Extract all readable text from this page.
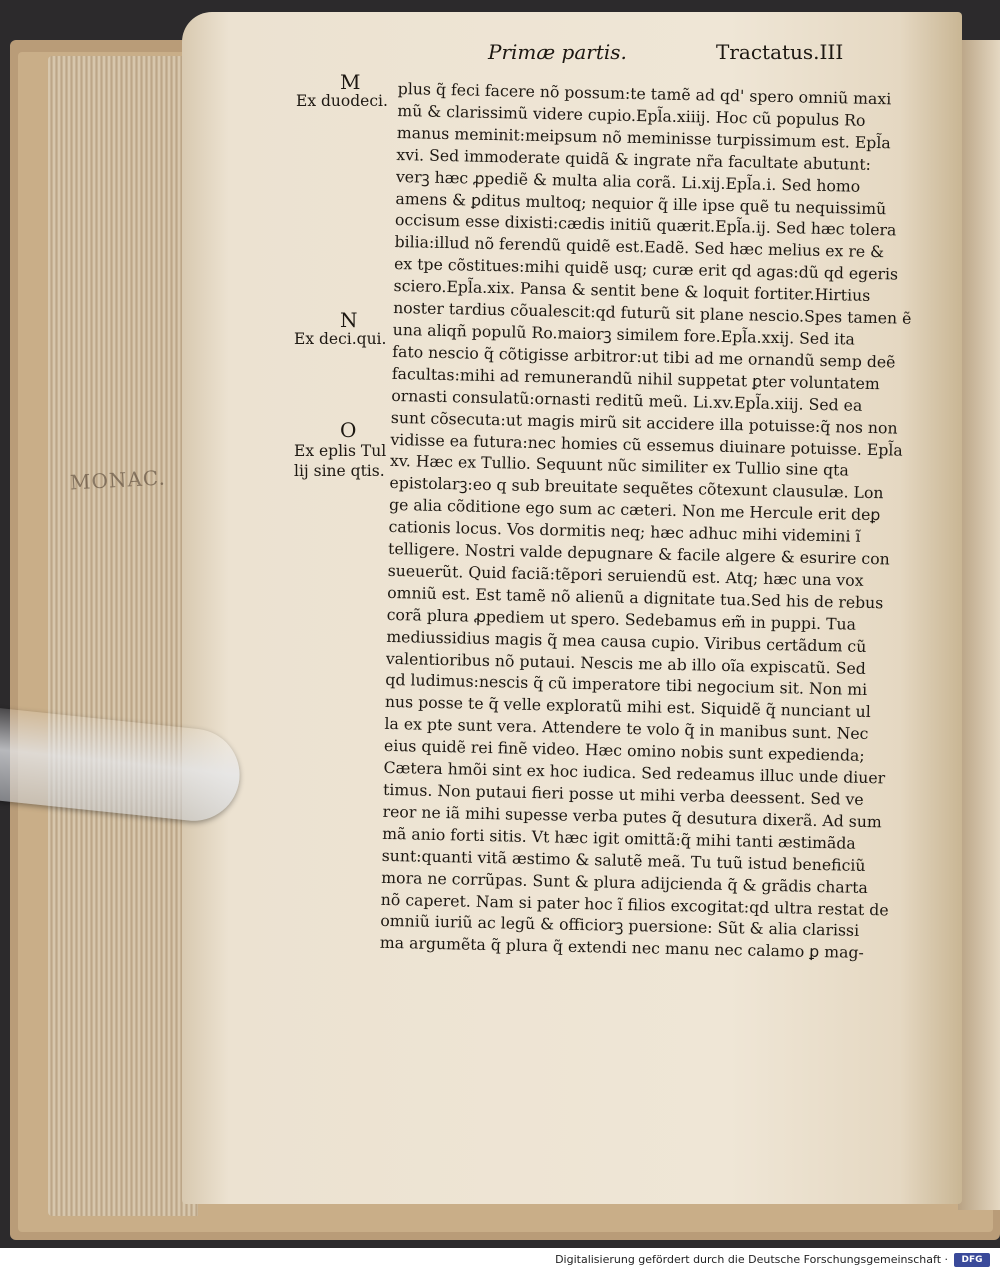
MONAC.
Primæ partis.	Tractatus.III
M
Ex duodeci.
N
Ex deci.qui.
O
Ex eplis Tul
lij sine qtis.
plus q̃ feci facere nõ possum:te tamẽ ad qd' spero omniũ maxi
mũ & clarissimũ videre cupio.Epl̃a.xiiij. Hoc cũ populus Ro
manus meminit:meipsum nõ meminisse turpissimum est. Epl̃a
xvi. Sed immoderate quidã & ingrate nr̃a facultate abutunt:
verꝫ hæc ꝓpediẽ & multa alia corã. Li.xij.Epl̃a.i. Sed homo
amens & ꝑditus multoq; nequior q̃ ille ipse quẽ tu nequissimũ
occisum esse dixisti:cædis initiũ quærit.Epl̃a.ij. Sed hæc tolera
bilia:illud nõ ferendũ quidẽ est.Eadẽ. Sed hæc melius ex re &
ex tpe cõstitues:mihi quidẽ usq; curæ erit qd agas:dũ qd egeris
sciero.Epl̃a.xix. Pansa & sentit bene & loquit fortiter.Hirtius
noster tardius cõualescit:qd futurũ sit plane nescio.Spes tamen ẽ
una aliqñ populũ Ro.maiorꝫ similem fore.Epl̃a.xxij. Sed ita
fato nescio q̃ cõtigisse arbitror:ut tibi ad me ornandũ semp deẽ
facultas:mihi ad remunerandũ nihil suppetat ꝑter voluntatem
ornasti consulatũ:ornasti reditũ meũ. Li.xv.Epl̃a.xiij. Sed ea
sunt cõsecuta:ut magis mirũ sit accidere illa potuisse:q̃ nos non
vidisse ea futura:nec homies cũ essemus diuinare potuisse. Epl̃a
xv. Hæc ex Tullio. Sequunt nũc similiter ex Tullio sine qta
epistolarꝫ:eo q sub breuitate sequẽtes cõtexunt clausulæ. Lon
ge alia cõditione ego sum ac cæteri. Non me Hercule erit deꝑ
cationis locus. Vos dormitis neq; hæc adhuc mihi videmini ĩ
telligere. Nostri valde depugnare & facile algere & esurire con
sueuerũt. Quid faciã:tẽpori seruiendũ est. Atq; hæc una vox
omniũ est. Est tamẽ nõ alienũ a dignitate tua.Sed his de rebus
corã plura ꝓpediem ut spero. Sedebamus em̃ in puppi. Tua
mediussidius magis q̃ mea causa cupio. Viribus certãdum cũ
valentioribus nõ putaui. Nescis me ab illo oĩa expiscatũ. Sed
qd ludimus:nescis q̃ cũ imperatore tibi negocium sit. Non mi
nus posse te q̃ velle exploratũ mihi est. Siquidẽ q̃ nunciant ul
la ex pte sunt vera. Attendere te volo q̃ in manibus sunt. Nec
eius quidẽ rei finẽ video. Hæc omino nobis sunt expedienda;
Cætera hmõi sint ex hoc iudica. Sed redeamus illuc unde diuer
timus. Non putaui fieri posse ut mihi verba deessent. Sed ve
reor ne iã mihi supesse verba putes q̃ desutura dixerã. Ad sum
mã anio forti sitis. Vt hæc igit omittã:q̃ mihi tanti æstimãda
sunt:quanti vitã æstimo & salutẽ meã. Tu tuũ istud beneficiũ
mora ne corrũpas. Sunt & plura adijcienda q̃ & grãdis charta
nõ caperet. Nam si pater hoc ĩ filios excogitat:qd ultra restat de
omniũ iuriũ ac legũ & officiorꝫ puersione: Sũt & alia clarissi
ma argumẽta q̃ plura q̃ extendi nec manu nec calamo ꝑ mag-
Digitalisierung gefördert durch die Deutsche Forschungsgemeinschaft ·	DFG
